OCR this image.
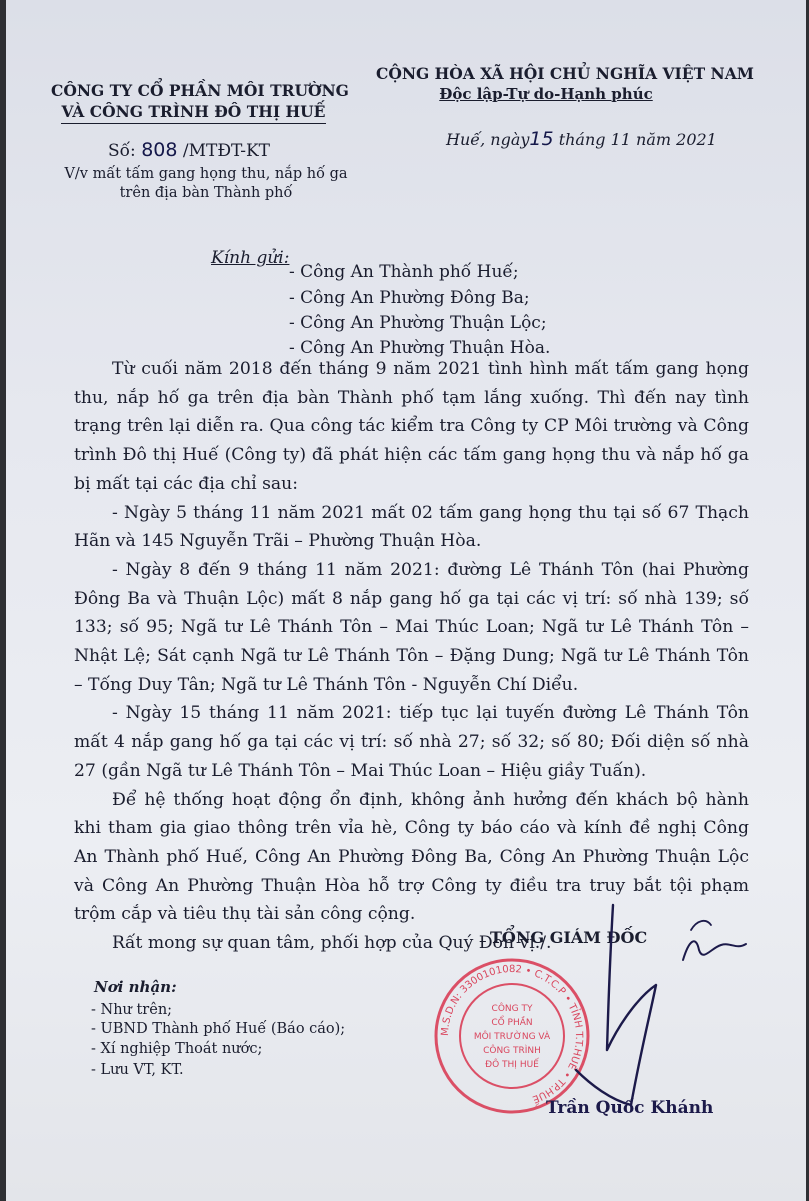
CÔNG TY CỔ PHẦN MÔI TRƯỜNG
VÀ CÔNG TRÌNH ĐÔ THỊ HUẾ
CỘNG HÒA XÃ HỘI CHỦ NGHĨA VIỆT NAM
Độc lập-Tự do-Hạnh phúc
Số: 808 /MTĐT-KT
Huế, ngày15 tháng 11 năm 2021
V/v mất tấm gang họng thu, nắp hố ga
trên địa bàn Thành phố
Kính gửi:
- Công An Thành phố Huế;
- Công An Phường Đông Ba;
- Công An Phường Thuận Lộc;
- Công An Phường Thuận Hòa.

Từ cuối năm 2018 đến tháng 9 năm 2021 tình hình mất tấm gang họng thu, nắp hố ga trên địa bàn Thành phố tạm lắng xuống. Thì đến nay tình trạng trên lại diễn ra. Qua công tác kiểm tra Công ty CP Môi trường và Công trình Đô thị Huế (Công ty) đã phát hiện các tấm gang họng thu và nắp hố ga bị mất tại các địa chỉ sau:

- Ngày 5 tháng 11 năm 2021 mất 02 tấm gang họng thu tại số 67 Thạch Hãn và 145 Nguyễn Trãi – Phường Thuận Hòa.

- Ngày 8 đến 9 tháng 11 năm 2021: đường Lê Thánh Tôn (hai Phường Đông Ba và Thuận Lộc) mất 8 nắp gang hố ga tại các vị trí: số nhà 139; số 133; số 95; Ngã tư Lê Thánh Tôn – Mai Thúc Loan; Ngã tư Lê Thánh Tôn – Nhật Lệ; Sát cạnh Ngã tư Lê Thánh Tôn – Đặng Dung; Ngã tư Lê Thánh Tôn – Tống Duy Tân; Ngã tư Lê Thánh Tôn - Nguyễn Chí Diểu.

- Ngày 15 tháng 11 năm 2021: tiếp tục lại tuyến đường Lê Thánh Tôn mất 4 nắp gang hố ga tại các vị trí: số nhà 27; số 32; số 80; Đối diện số nhà 27 (gần Ngã tư Lê Thánh Tôn – Mai Thúc Loan – Hiệu giầy Tuấn).

Để hệ thống hoạt động ổn định, không ảnh hưởng đến khách bộ hành khi tham gia giao thông trên vỉa hè, Công ty báo cáo và kính đề nghị Công An Thành phố Huế, Công An Phường Đông Ba, Công An Phường Thuận Lộc và Công An Phường Thuận Hòa hỗ trợ Công ty điều tra truy bắt tội phạm trộm cắp và tiêu thụ tài sản công cộng.

Rất mong sự quan tâm, phối hợp của Quý Đơn vị./.

TỔNG GIÁM ĐỐC
Nơi nhận:
- Như trên;
- UBND Thành phố Huế (Báo cáo);
- Xí nghiệp Thoát nước;
- Lưu VT, KT.
M.S.D.N: 3300101082 • C.T.C.P • TỈNH T.T.HUẾ • TP.HUẾ
CÔNG TY
CỔ PHẦN
MÔI TRƯỜNG VÀ
CÔNG TRÌNH
ĐÔ THỊ HUẾ
Trần Quốc Khánh
